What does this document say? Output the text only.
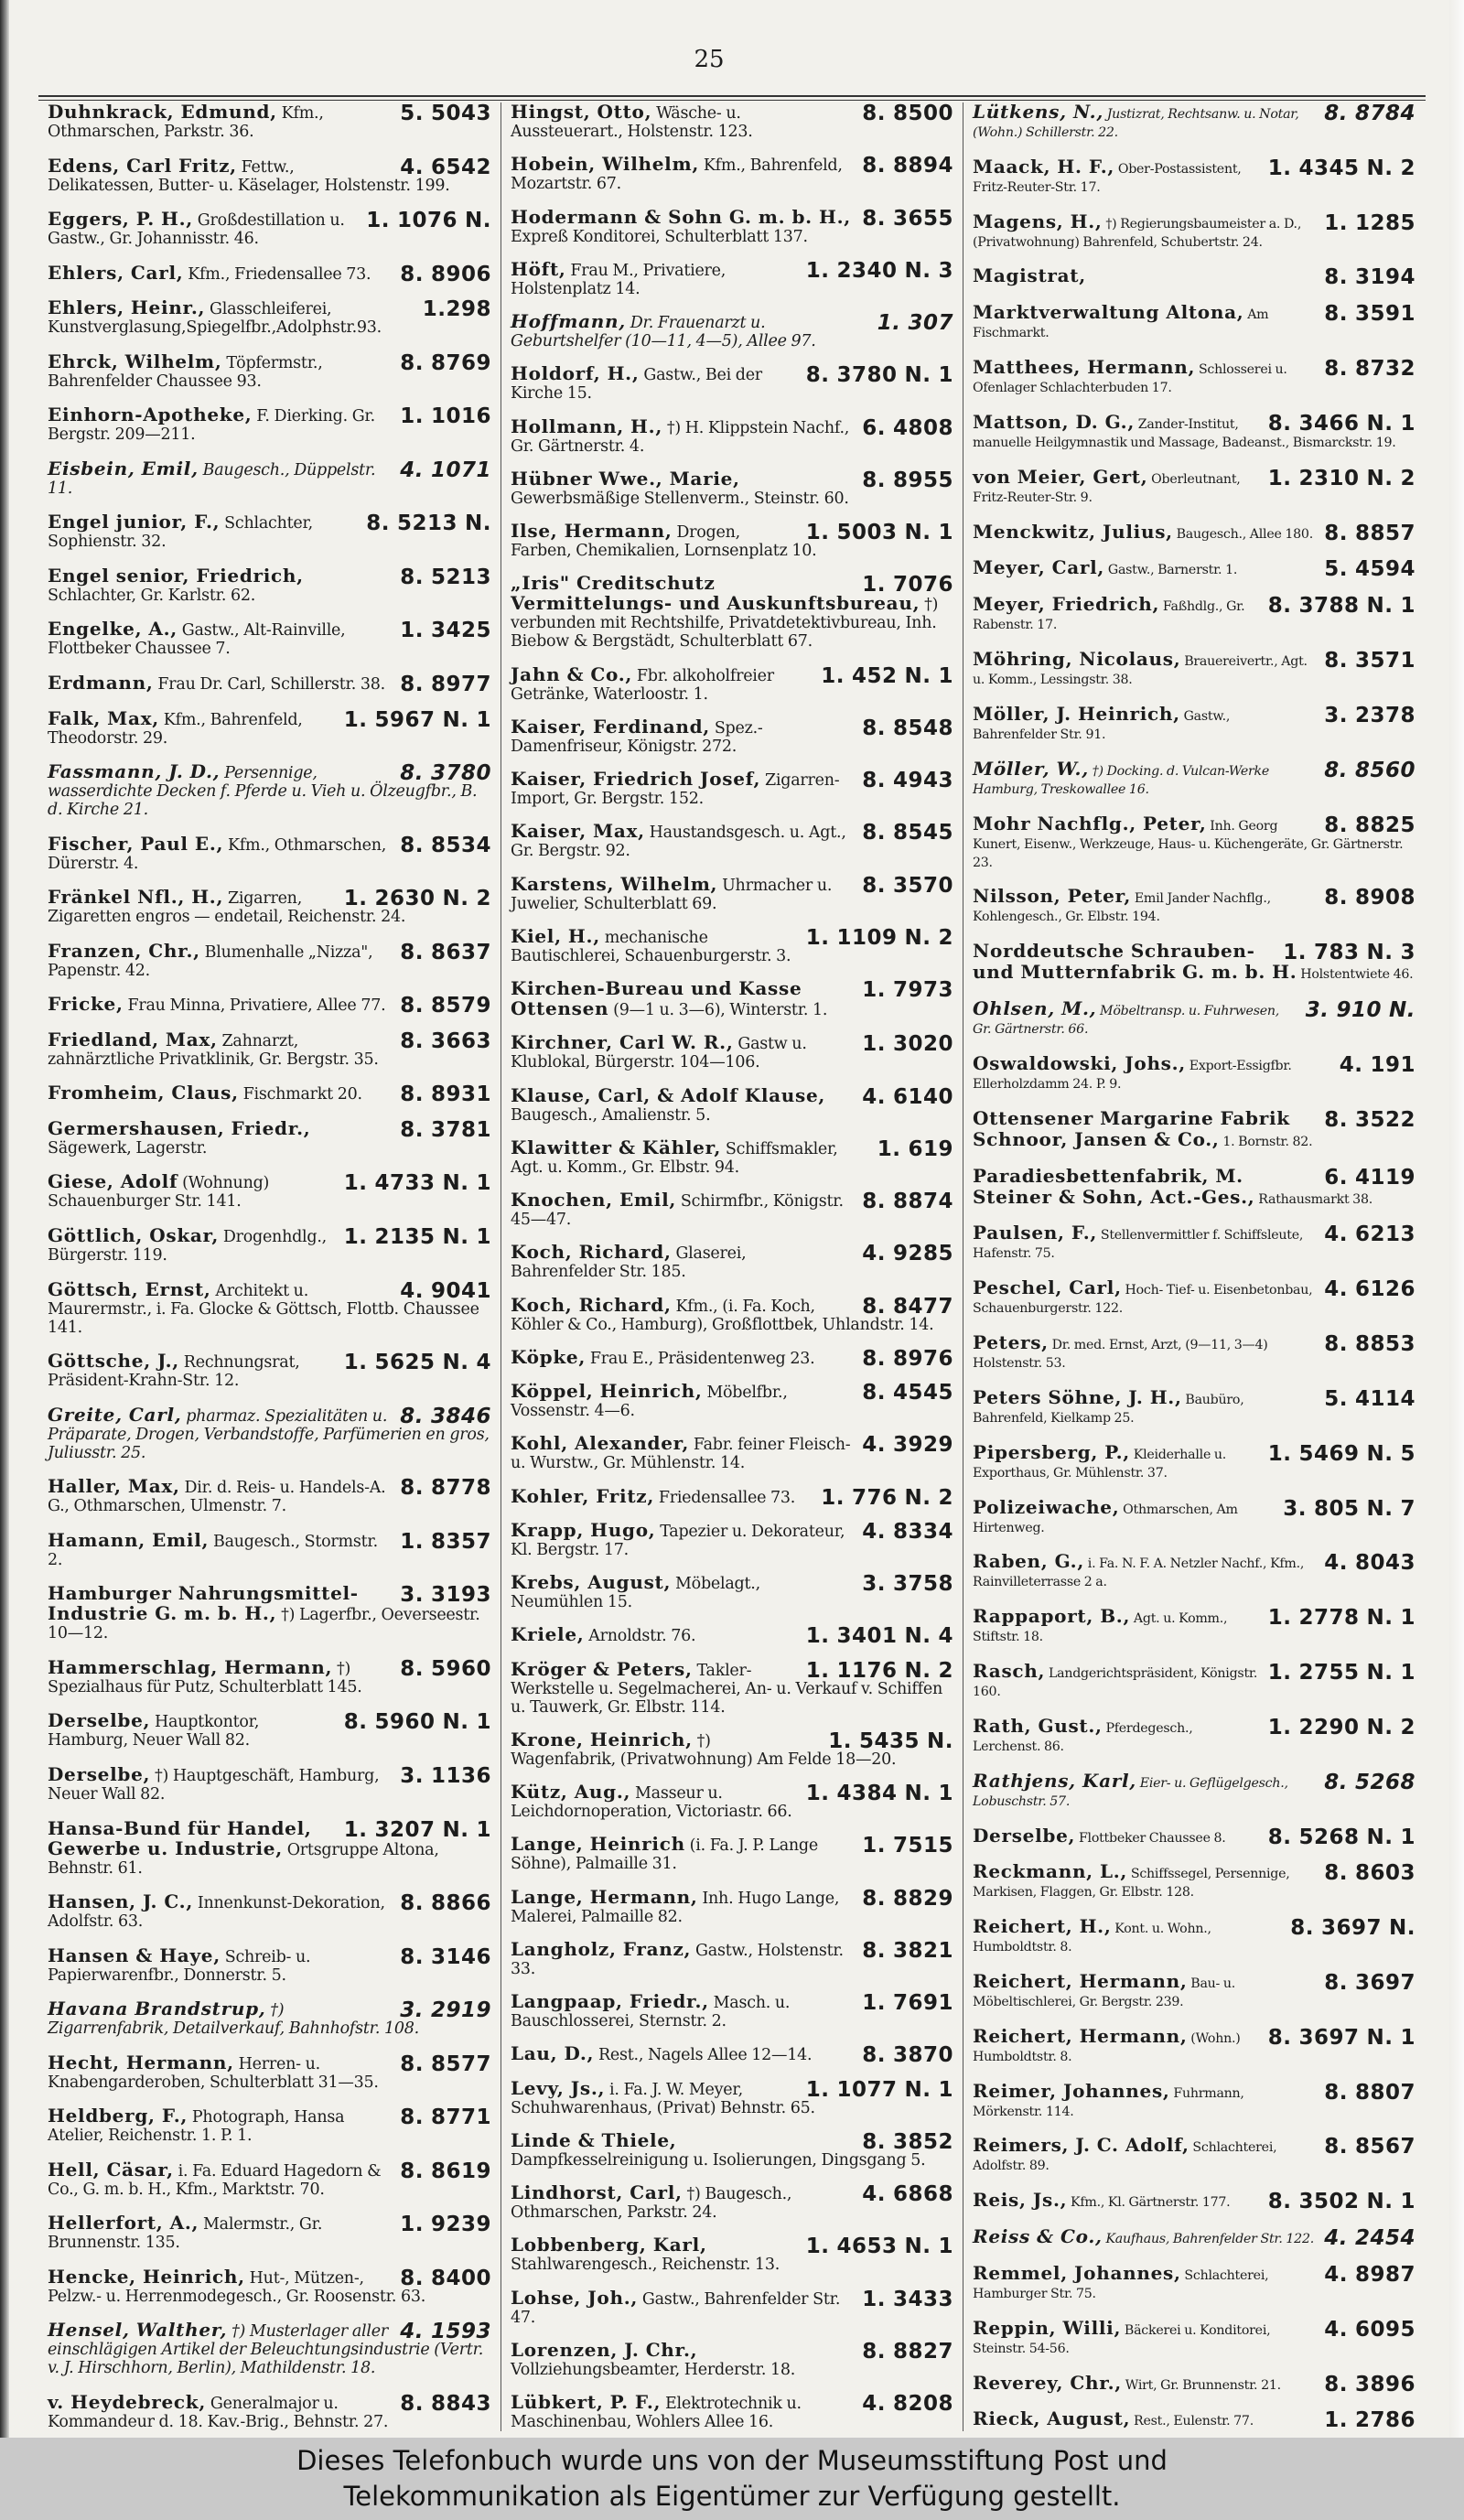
25
5. 5043
Duhnkrack, Edmund, Kfm., Othmarschen, Parkstr. 36.
4. 6542
Edens, Carl Fritz, Fettw., Delikatessen, Butter- u. Käselager, Holstenstr. 199.
1. 1076 N.
Eggers, P. H., Großdestillation u. Gastw., Gr. Johannisstr. 46.
8. 8906
Ehlers, Carl, Kfm., Friedensallee 73.
1.298
Ehlers, Heinr., Glasschleiferei, Kunstverglasung,Spiegelfbr.,Adolphstr.93.
8. 8769
Ehrck, Wilhelm, Töpfermstr., Bahrenfelder Chaussee 93.
1. 1016
Einhorn-Apotheke, F. Dierking. Gr. Bergstr. 209—211.
4. 1071
Eisbein, Emil, Baugesch., Düppelstr. 11.
8. 5213 N.
Engel junior, F., Schlachter, Sophienstr. 32.
8. 5213
Engel senior, Friedrich, Schlachter, Gr. Karlstr. 62.
1. 3425
Engelke, A., Gastw., Alt-Rainville, Flottbeker Chaussee 7.
8. 8977
Erdmann, Frau Dr. Carl, Schillerstr. 38.
1. 5967 N. 1
Falk, Max, Kfm., Bahrenfeld, Theodorstr. 29.
8. 3780
Fassmann, J. D., Persennige, wasserdichte Decken f. Pferde u. Vieh u. Ölzeugfbr., B. d. Kirche 21.
8. 8534
Fischer, Paul E., Kfm., Othmarschen, Dürerstr. 4.
1. 2630 N. 2
Fränkel Nfl., H., Zigarren, Zigaretten engros — endetail, Reichenstr. 24.
8. 8637
Franzen, Chr., Blumenhalle „Nizza", Papenstr. 42.
8. 8579
Fricke, Frau Minna, Privatiere, Allee 77.
8. 3663
Friedland, Max, Zahnarzt, zahnärztliche Privatklinik, Gr. Bergstr. 35.
8. 8931
Fromheim, Claus, Fischmarkt 20.
8. 3781
Germershausen, Friedr., Sägewerk, Lagerstr.
1. 4733 N. 1
Giese, Adolf (Wohnung) Schauenburger Str. 141.
1. 2135 N. 1
Göttlich, Oskar, Drogenhdlg., Bürgerstr. 119.
4. 9041
Göttsch, Ernst, Architekt u. Maurermstr., i. Fa. Glocke & Göttsch, Flottb. Chaussee 141.
1. 5625 N. 4
Göttsche, J., Rechnungsrat, Präsident-Krahn-Str. 12.
8. 3846
Greite, Carl, pharmaz. Spezialitäten u. Präparate, Drogen, Verbandstoffe, Parfümerien en gros, Juliusstr. 25.
8. 8778
Haller, Max, Dir. d. Reis- u. Handels-A. G., Othmarschen, Ulmenstr. 7.
1. 8357
Hamann, Emil, Baugesch., Stormstr. 2.
3. 3193
Hamburger Nahrungsmittel-Industrie G. m. b. H., †) Lagerfbr., Oeverseestr. 10—12.
8. 5960
Hammerschlag, Hermann, †) Spezialhaus für Putz, Schulterblatt 145.
8. 5960 N. 1
Derselbe, Hauptkontor, Hamburg, Neuer Wall 82.
3. 1136
Derselbe, †) Hauptgeschäft, Hamburg, Neuer Wall 82.
1. 3207 N. 1
Hansa-Bund für Handel, Gewerbe u. Industrie, Ortsgruppe Altona, Behnstr. 61.
8. 8866
Hansen, J. C., Innenkunst-Dekoration, Adolfstr. 63.
8. 3146
Hansen & Haye, Schreib- u. Papierwarenfbr., Donnerstr. 5.
3. 2919
Havana Brandstrup, †) Zigarrenfabrik, Detailverkauf, Bahnhofstr. 108.
8. 8577
Hecht, Hermann, Herren- u. Knabengarderoben, Schulterblatt 31—35.
8. 8771
Heldberg, F., Photograph, Hansa Atelier, Reichenstr. 1. P. 1.
8. 8619
Hell, Cäsar, i. Fa. Eduard Hagedorn & Co., G. m. b. H., Kfm., Marktstr. 70.
1. 9239
Hellerfort, A., Malermstr., Gr. Brunnenstr. 135.
8. 8400
Hencke, Heinrich, Hut-, Mützen-, Pelzw.- u. Herrenmodegesch., Gr. Roosenstr. 63.
4. 1593
Hensel, Walther, †) Musterlager aller einschlägigen Artikel der Beleuchtungsindustrie (Vertr. v. J. Hirschhorn, Berlin), Mathildenstr. 18.
8. 8843
v. Heydebreck, Generalmajor u. Kommandeur d. 18. Kav.-Brig., Behnstr. 27.
8. 8500
Hingst, Otto, Wäsche- u. Aussteuerart., Holstenstr. 123.
8. 8894
Hobein, Wilhelm, Kfm., Bahrenfeld, Mozartstr. 67.
8. 3655
Hodermann & Sohn G. m. b. H., Expreß Konditorei, Schulterblatt 137.
1. 2340 N. 3
Höft, Frau M., Privatiere, Holstenplatz 14.
1. 307
Hoffmann, Dr. Frauenarzt u. Geburtshelfer (10—11, 4—5), Allee 97.
8. 3780 N. 1
Holdorf, H., Gastw., Bei der Kirche 15.
6. 4808
Hollmann, H., †) H. Klippstein Nachf., Gr. Gärtnerstr. 4.
8. 8955
Hübner Wwe., Marie, Gewerbsmäßige Stellenverm., Steinstr. 60.
1. 5003 N. 1
Ilse, Hermann, Drogen, Farben, Chemikalien, Lornsenplatz 10.
1. 7076
„Iris" Creditschutz Vermittelungs- und Auskunftsbureau, †) verbunden mit Rechtshilfe, Privatdetektivbureau, Inh. Biebow & Bergstädt, Schulterblatt 67.
1. 452 N. 1
Jahn & Co., Fbr. alkoholfreier Getränke, Waterloostr. 1.
8. 8548
Kaiser, Ferdinand, Spez.-Damenfriseur, Königstr. 272.
8. 4943
Kaiser, Friedrich Josef, Zigarren-Import, Gr. Bergstr. 152.
8. 8545
Kaiser, Max, Haustandsgesch. u. Agt., Gr. Bergstr. 92.
8. 3570
Karstens, Wilhelm, Uhrmacher u. Juwelier, Schulterblatt 69.
1. 1109 N. 2
Kiel, H., mechanische Bautischlerei, Schauenburgerstr. 3.
1. 7973
Kirchen-Bureau und Kasse Ottensen (9—1 u. 3—6), Winterstr. 1.
1. 3020
Kirchner, Carl W. R., Gastw u. Klublokal, Bürgerstr. 104—106.
4. 6140
Klause, Carl, & Adolf Klause, Baugesch., Amalienstr. 5.
1. 619
Klawitter & Kähler, Schiffsmakler, Agt. u. Komm., Gr. Elbstr. 94.
8. 8874
Knochen, Emil, Schirmfbr., Königstr. 45—47.
4. 9285
Koch, Richard, Glaserei, Bahrenfelder Str. 185.
8. 8477
Koch, Richard, Kfm., (i. Fa. Koch, Köhler & Co., Hamburg), Großflottbek, Uhlandstr. 14.
8. 8976
Köpke, Frau E., Präsidentenweg 23.
8. 4545
Köppel, Heinrich, Möbelfbr., Vossenstr. 4—6.
4. 3929
Kohl, Alexander, Fabr. feiner Fleisch- u. Wurstw., Gr. Mühlenstr. 14.
1. 776 N. 2
Kohler, Fritz, Friedensallee 73.
4. 8334
Krapp, Hugo, Tapezier u. Dekorateur, Kl. Bergstr. 17.
3. 3758
Krebs, August, Möbelagt., Neumühlen 15.
1. 3401 N. 4
Kriele, Arnoldstr. 76.
1. 1176 N. 2
Kröger & Peters, Takler-Werkstelle u. Segelmacherei, An- u. Verkauf v. Schiffen u. Tauwerk, Gr. Elbstr. 114.
1. 5435 N.
Krone, Heinrich, †) Wagenfabrik, (Privatwohnung) Am Felde 18—20.
1. 4384 N. 1
Kütz, Aug., Masseur u. Leichdornoperation, Victoriastr. 66.
1. 7515
Lange, Heinrich (i. Fa. J. P. Lange Söhne), Palmaille 31.
8. 8829
Lange, Hermann, Inh. Hugo Lange, Malerei, Palmaille 82.
8. 3821
Langholz, Franz, Gastw., Holstenstr. 33.
1. 7691
Langpaap, Friedr., Masch. u. Bauschlosserei, Sternstr. 2.
8. 3870
Lau, D., Rest., Nagels Allee 12—14.
1. 1077 N. 1
Levy, Js., i. Fa. J. W. Meyer, Schuhwarenhaus, (Privat) Behnstr. 65.
8. 3852
Linde & Thiele, Dampfkesselreinigung u. Isolierungen, Dingsgang 5.
4. 6868
Lindhorst, Carl, †) Baugesch., Othmarschen, Parkstr. 24.
1. 4653 N. 1
Lobbenberg, Karl, Stahlwarengesch., Reichenstr. 13.
1. 3433
Lohse, Joh., Gastw., Bahrenfelder Str. 47.
8. 8827
Lorenzen, J. Chr., Vollziehungsbeamter, Herderstr. 18.
4. 8208
Lübkert, P. F., Elektrotechnik u. Maschinenbau, Wohlers Allee 16.
8. 8784
Lütkens, N., Justizrat, Rechtsanw. u. Notar, (Wohn.) Schillerstr. 22.
1. 4345 N. 2
Maack, H. F., Ober-Postassistent, Fritz-Reuter-Str. 17.
1. 1285
Magens, H., †) Regierungsbaumeister a. D., (Privatwohnung) Bahrenfeld, Schubertstr. 24.
8. 3194
Magistrat,
8. 3591
Marktverwaltung Altona, Am Fischmarkt.
8. 8732
Matthees, Hermann, Schlosserei u. Ofenlager Schlachterbuden 17.
8. 3466 N. 1
Mattson, D. G., Zander-Institut, manuelle Heilgymnastik und Massage, Badeanst., Bismarckstr. 19.
1. 2310 N. 2
von Meier, Gert, Oberleutnant, Fritz-Reuter-Str. 9.
8. 8857
Menckwitz, Julius, Baugesch., Allee 180.
5. 4594
Meyer, Carl, Gastw., Barnerstr. 1.
8. 3788 N. 1
Meyer, Friedrich, Faßhdlg., Gr. Rabenstr. 17.
8. 3571
Möhring, Nicolaus, Brauereivertr., Agt. u. Komm., Lessingstr. 38.
3. 2378
Möller, J. Heinrich, Gastw., Bahrenfelder Str. 91.
8. 8560
Möller, W., †) Docking. d. Vulcan-Werke Hamburg, Treskowallee 16.
8. 8825
Mohr Nachflg., Peter, Inh. Georg Kunert, Eisenw., Werkzeuge, Haus- u. Küchengeräte, Gr. Gärtnerstr. 23.
8. 8908
Nilsson, Peter, Emil Jander Nachflg., Kohlengesch., Gr. Elbstr. 194.
1. 783 N. 3
Norddeutsche Schrauben- und Mutternfabrik G. m. b. H. Holstentwiete 46.
3. 910 N.
Ohlsen, M., Möbeltransp. u. Fuhrwesen, Gr. Gärtnerstr. 66.
4. 191
Oswaldowski, Johs., Export-Essigfbr. Ellerholzdamm 24. P. 9.
8. 3522
Ottensener Margarine Fabrik Schnoor, Jansen & Co., 1. Bornstr. 82.
6. 4119
Paradiesbettenfabrik, M. Steiner & Sohn, Act.-Ges., Rathausmarkt 38.
4. 6213
Paulsen, F., Stellenvermittler f. Schiffsleute, Hafenstr. 75.
4. 6126
Peschel, Carl, Hoch- Tief- u. Eisenbetonbau, Schauenburgerstr. 122.
8. 8853
Peters, Dr. med. Ernst, Arzt, (9—11, 3—4) Holstenstr. 53.
5. 4114
Peters Söhne, J. H., Baubüro, Bahrenfeld, Kielkamp 25.
1. 5469 N. 5
Pipersberg, P., Kleiderhalle u. Exporthaus, Gr. Mühlenstr. 37.
3. 805 N. 7
Polizeiwache, Othmarschen, Am Hirtenweg.
4. 8043
Raben, G., i. Fa. N. F. A. Netzler Nachf., Kfm., Rainvilleterrasse 2 a.
1. 2778 N. 1
Rappaport, B., Agt. u. Komm., Stiftstr. 18.
1. 2755 N. 1
Rasch, Landgerichtspräsident, Königstr. 160.
1. 2290 N. 2
Rath, Gust., Pferdegesch., Lerchenst. 86.
8. 5268
Rathjens, Karl, Eier- u. Geflügelgesch., Lobuschstr. 57.
8. 5268 N. 1
Derselbe, Flottbeker Chaussee 8.
8. 8603
Reckmann, L., Schiffssegel, Persennige, Markisen, Flaggen, Gr. Elbstr. 128.
8. 3697 N.
Reichert, H., Kont. u. Wohn., Humboldtstr. 8.
8. 3697
Reichert, Hermann, Bau- u. Möbeltischlerei, Gr. Bergstr. 239.
8. 3697 N. 1
Reichert, Hermann, (Wohn.) Humboldtstr. 8.
8. 8807
Reimer, Johannes, Fuhrmann, Mörkenstr. 114.
8. 8567
Reimers, J. C. Adolf, Schlachterei, Adolfstr. 89.
8. 3502 N. 1
Reis, Js., Kfm., Kl. Gärtnerstr. 177.
4. 2454
Reiss & Co., Kaufhaus, Bahrenfelder Str. 122.
4. 8987
Remmel, Johannes, Schlachterei, Hamburger Str. 75.
4. 6095
Reppin, Willi, Bäckerei u. Konditorei, Steinstr. 54-56.
8. 3896
Reverey, Chr., Wirt, Gr. Brunnenstr. 21.
1. 2786
Rieck, August, Rest., Eulenstr. 77.
Dieses Telefonbuch wurde uns von der Museumsstiftung Post und
Telekommunikation als Eigentümer zur Verfügung gestellt.
